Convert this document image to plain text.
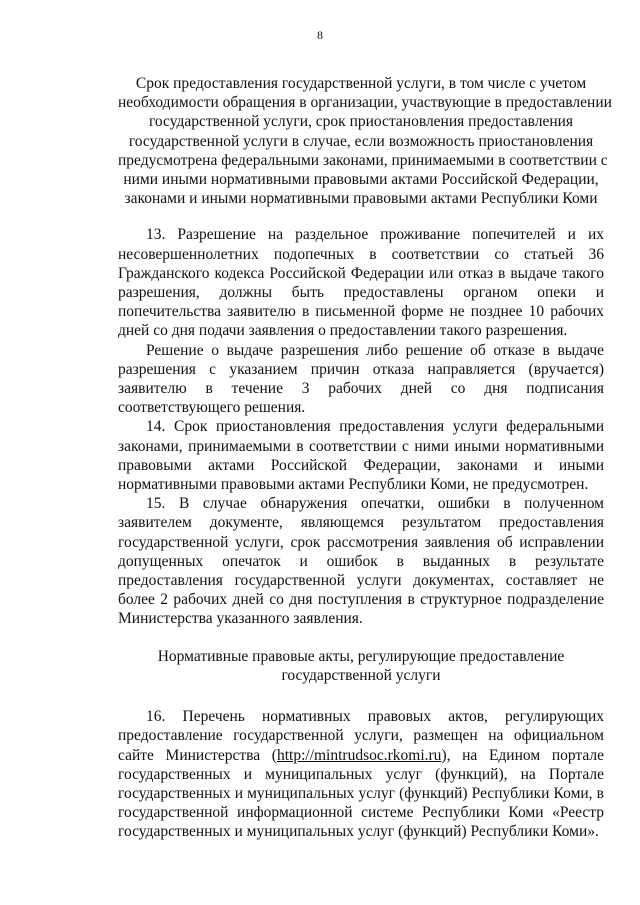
8
Срок предоставления государственной услуги, в том числе с учетом
необходимости обращения в организации, участвующие в предоставлении
государственной услуги, срок приостановления предоставления
государственной услуги в случае, если возможность приостановления
предусмотрена федеральными законами, принимаемыми в соответствии с
ними иными нормативными правовыми актами Российской Федерации,
законами и иными нормативными правовыми актами Республики Коми

13. Разрешение на раздельное проживание попечителей и их несовершеннолетних подопечных в соответствии со статьей 36 Гражданского кодекса Российской Федерации или отказ в выдаче такого разрешения, должны быть предоставлены органом опеки и попечительства заявителю в письменной форме не позднее 10 рабочих дней со дня подачи заявления о предоставлении такого разрешения.

Решение о выдаче разрешения либо решение об отказе в выдаче разрешения с указанием причин отказа направляется (вручается) заявителю в течение 3 рабочих дней со дня подписания соответствующего решения.

14. Срок приостановления предоставления услуги федеральными законами, принимаемыми в соответствии с ними иными нормативными правовыми актами Российской Федерации, законами и иными нормативными правовыми актами Республики Коми, не предусмотрен.

15. В случае обнаружения опечатки, ошибки в полученном заявителем документе, являющемся результатом предоставления государственной услуги, срок рассмотрения заявления об исправлении допущенных опечаток и ошибок в выданных в результате предоставления государственной услуги документах, составляет не более 2 рабочих дней со дня поступления в структурное подразделение Министерства указанного заявления.

Нормативные правовые акты, регулирующие предоставление
государственной услуги

16. Перечень нормативных правовых актов, регулирующих предоставление государственной услуги, размещен на официальном сайте Министерства (http://mintrudsoc.rkomi.ru), на Едином портале государственных и муниципальных услуг (функций), на Портале государственных и муниципальных услуг (функций) Республики Коми, в государственной информационной системе Республики Коми «Реестр государственных и муниципальных услуг (функций) Республики Коми».
